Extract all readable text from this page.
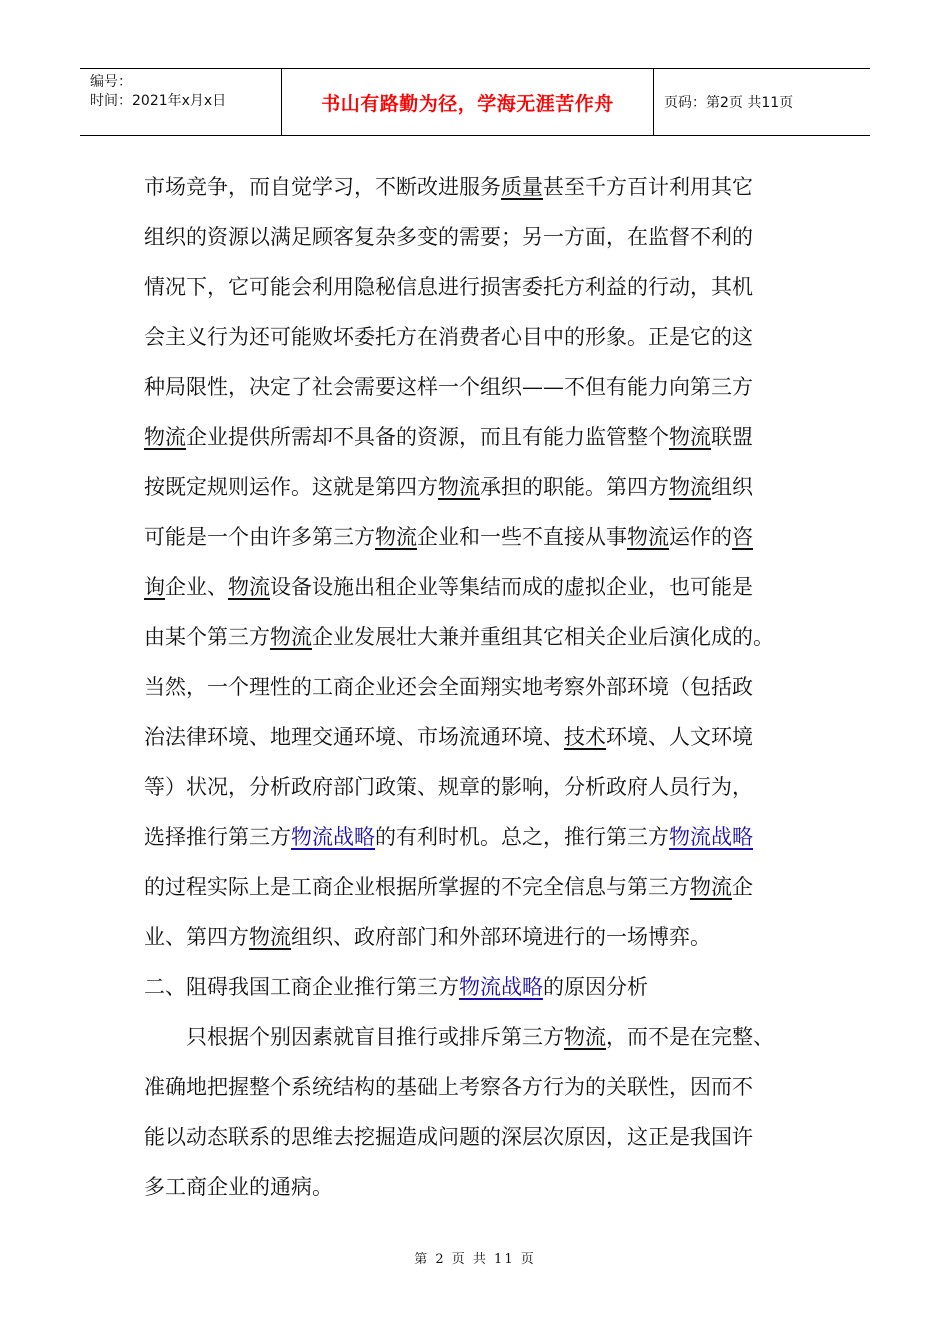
编号：
时间：2021年x月x日	书山有路勤为径，学海无涯苦作舟	页码：第2页 共11页
市场竞争，而自觉学习，不断改进服务质量甚至千方百计利用其它
组织的资源以满足顾客复杂多变的需要；另一方面，在监督不利的
情况下，它可能会利用隐秘信息进行损害委托方利益的行动，其机
会主义行为还可能败坏委托方在消费者心目中的形象。正是它的这
种局限性，决定了社会需要这样一个组织——不但有能力向第三方
物流企业提供所需却不具备的资源，而且有能力监管整个物流联盟
按既定规则运作。这就是第四方物流承担的职能。第四方物流组织
可能是一个由许多第三方物流企业和一些不直接从事物流运作的咨
询企业、物流设备设施出租企业等集结而成的虚拟企业，也可能是
由某个第三方物流企业发展壮大兼并重组其它相关企业后演化成的。
当然，一个理性的工商企业还会全面翔实地考察外部环境（包括政
治法律环境、地理交通环境、市场流通环境、技术环境、人文环境
等）状况，分析政府部门政策、规章的影响，分析政府人员行为，
选择推行第三方物流战略的有利时机。总之，推行第三方物流战略
的过程实际上是工商企业根据所掌握的不完全信息与第三方物流企
业、第四方物流组织、政府部门和外部环境进行的一场博弈。
二、阻碍我国工商企业推行第三方物流战略的原因分析
　　只根据个别因素就盲目推行或排斥第三方物流，而不是在完整、
准确地把握整个系统结构的基础上考察各方行为的关联性，因而不
能以动态联系的思维去挖掘造成问题的深层次原因，这正是我国许
多工商企业的通病。
第 2 页 共 11 页
